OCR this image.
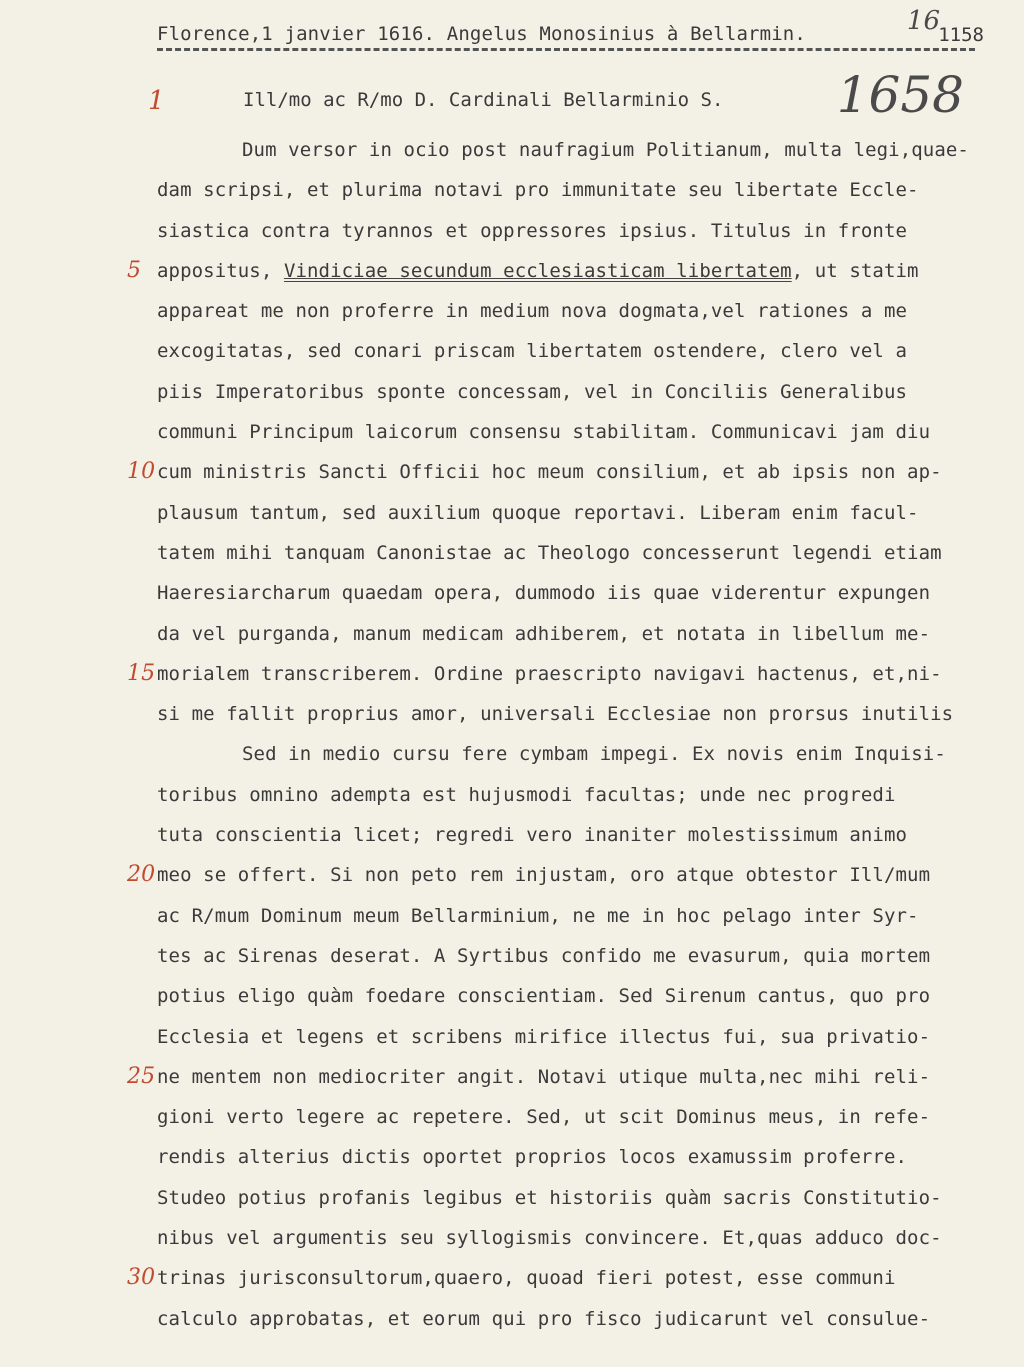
Florence,1 janvier 1616. Angelus Monosinius à Bellarmin.	16
1158
1658
1	Ill/mo ac R/mo D. Cardinali Bellarminio S.
Dum versor in ocio post naufragium Politianum, multa legi,quae-
dam scripsi, et plurima notavi pro immunitate seu libertate Eccle-
siastica contra tyrannos et oppressores ipsius. Titulus in fronte
5 appositus, Vindiciae secundum ecclesiasticam libertatem, ut statim
appareat me non proferre in medium nova dogmata,vel rationes a me
excogitatas, sed conari priscam libertatem ostendere, clero vel a
piis Imperatoribus sponte concessam, vel in Conciliis Generalibus
communi Principum laicorum consensu stabilitam. Communicavi jam diu
10 cum ministris Sancti Officii hoc meum consilium, et ab ipsis non ap-
plausum tantum, sed auxilium quoque reportavi. Liberam enim facul-
tatem mihi tanquam Canonistae ac Theologo concesserunt legendi etiam
Haeresiarcharum quaedam opera, dummodo iis quae viderentur expungen
da vel purganda, manum medicam adhiberem, et notata in libellum me-
15 morialem transcriberem. Ordine praescripto navigavi hactenus, et,ni-
si me fallit proprius amor, universali Ecclesiae non prorsus inutilis
Sed in medio cursu fere cymbam impegi. Ex novis enim Inquisi-
toribus omnino adempta est hujusmodi facultas; unde nec progredi
tuta conscientia licet; regredi vero inaniter molestissimum animo
20 meo se offert. Si non peto rem injustam, oro atque obtestor Ill/mum
ac R/mum Dominum meum Bellarminium, ne me in hoc pelago inter Syr-
tes ac Sirenas deserat. A Syrtibus confido me evasurum, quia mortem
potius eligo quàm foedare conscientiam. Sed Sirenum cantus, quo pro
Ecclesia et legens et scribens mirifice illectus fui, sua privatio-
25 ne mentem non mediocriter angit. Notavi utique multa,nec mihi reli-
gioni verto legere ac repetere. Sed, ut scit Dominus meus, in refe-
rendis alterius dictis oportet proprios locos examussim proferre.
Studeo potius profanis legibus et historiis quàm sacris Constitutio-
nibus vel argumentis seu syllogismis convincere. Et,quas adduco doc-
30 trinas jurisconsultorum,quaero, quoad fieri potest, esse communi
calculo approbatas, et eorum qui pro fisco judicarunt vel consulue-
